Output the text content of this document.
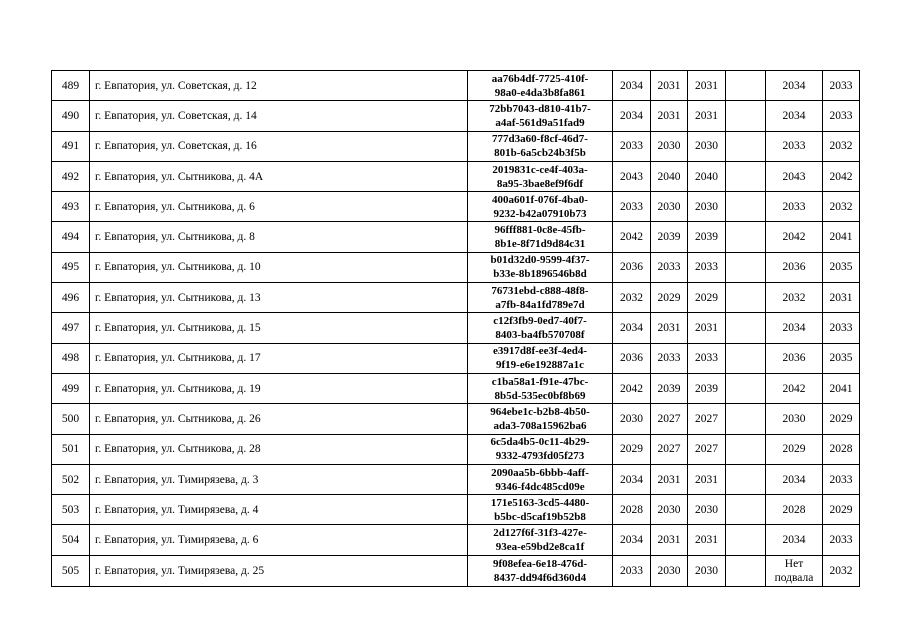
489	г. Евпатория, ул. Советская, д. 12	aa76b4df-7725-410f-
98a0-e4da3b8fa861	2034	2031	2031		2034	2033
490	г. Евпатория, ул. Советская, д. 14	72bb7043-d810-41b7-
a4af-561d9a51fad9	2034	2031	2031		2034	2033
491	г. Евпатория, ул. Советская, д. 16	777d3a60-f8cf-46d7-
801b-6a5cb24b3f5b	2033	2030	2030		2033	2032
492	г. Евпатория, ул. Сытникова, д. 4А	2019831c-ce4f-403a-
8a95-3bae8ef9f6df	2043	2040	2040		2043	2042
493	г. Евпатория, ул. Сытникова, д. 6	400a601f-076f-4ba0-
9232-b42a07910b73	2033	2030	2030		2033	2032
494	г. Евпатория, ул. Сытникова, д. 8	96fff881-0c8e-45fb-
8b1e-8f71d9d84c31	2042	2039	2039		2042	2041
495	г. Евпатория, ул. Сытникова, д. 10	b01d32d0-9599-4f37-
b33e-8b1896546b8d	2036	2033	2033		2036	2035
496	г. Евпатория, ул. Сытникова, д. 13	76731ebd-c888-48f8-
a7fb-84a1fd789e7d	2032	2029	2029		2032	2031
497	г. Евпатория, ул. Сытникова, д. 15	c12f3fb9-0ed7-40f7-
8403-ba4fb570708f	2034	2031	2031		2034	2033
498	г. Евпатория, ул. Сытникова, д. 17	e3917d8f-ee3f-4ed4-
9f19-e6e192887a1c	2036	2033	2033		2036	2035
499	г. Евпатория, ул. Сытникова, д. 19	c1ba58a1-f91e-47bc-
8b5d-535ec0bf8b69	2042	2039	2039		2042	2041
500	г. Евпатория, ул. Сытникова, д. 26	964ebe1c-b2b8-4b50-
ada3-708a15962ba6	2030	2027	2027		2030	2029
501	г. Евпатория, ул. Сытникова, д. 28	6c5da4b5-0c11-4b29-
9332-4793fd05f273	2029	2027	2027		2029	2028
502	г. Евпатория, ул. Тимирязева, д. 3	2090aa5b-6bbb-4aff-
9346-f4dc485cd09e	2034	2031	2031		2034	2033
503	г. Евпатория, ул. Тимирязева, д. 4	171e5163-3cd5-4480-
b5bc-d5caf19b52b8	2028	2030	2030		2028	2029
504	г. Евпатория, ул. Тимирязева, д. 6	2d127f6f-31f3-427e-
93ea-e59bd2e8ca1f	2034	2031	2031		2034	2033
505	г. Евпатория, ул. Тимирязева, д. 25	9f08efea-6e18-476d-
8437-dd94f6d360d4	2033	2030	2030		Нет подвала	2032
